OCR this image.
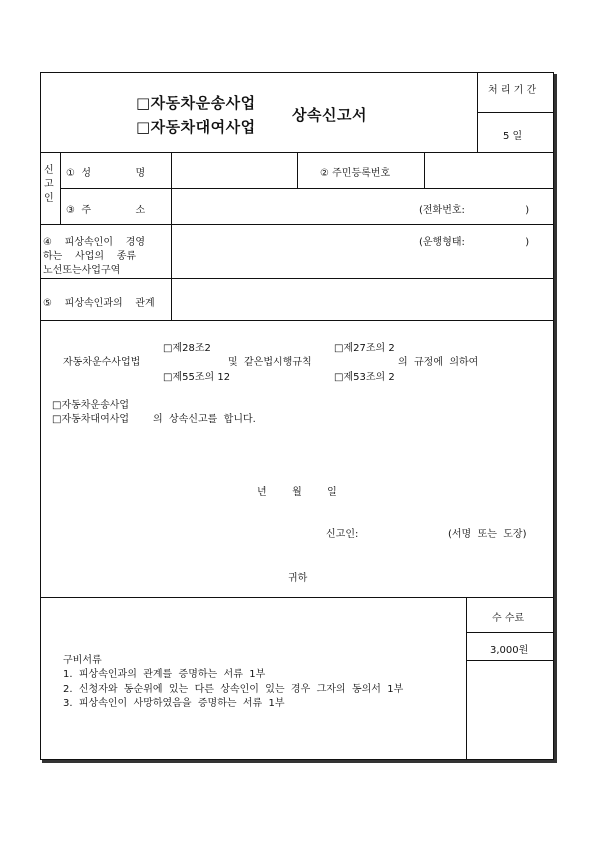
□자동차운송사업
□자동차대여사업
상속신고서
처 리 기 간
5 일
신
고
인
①  성              명	② 주민등록번호
③  주              소	(전화번호:                   )
④    피상속인이    경영
하는    사업의    종류
노선또는사업구역
(운행형태:                   )
⑤    피상속인과의    관계
□제28조2	□제27조의 2
자동차운수사업법	및  같은법시행규칙	의  규정에  의하여
□제55조의 12	□제53조의 2
□자동차운송사업
□자동차대여사업 의  상속신고를  합니다.
년        월        일
신고인:	(서명  또는  도장)
귀하
수 수료
3,000원
구비서류
1.  피상속인과의  관계를  증명하는  서류  1부
2.  신청자와  동순위에  있는  다른  상속인이  있는  경우  그자의  동의서  1부
3.  피상속인이  사망하였음을  증명하는  서류  1부
